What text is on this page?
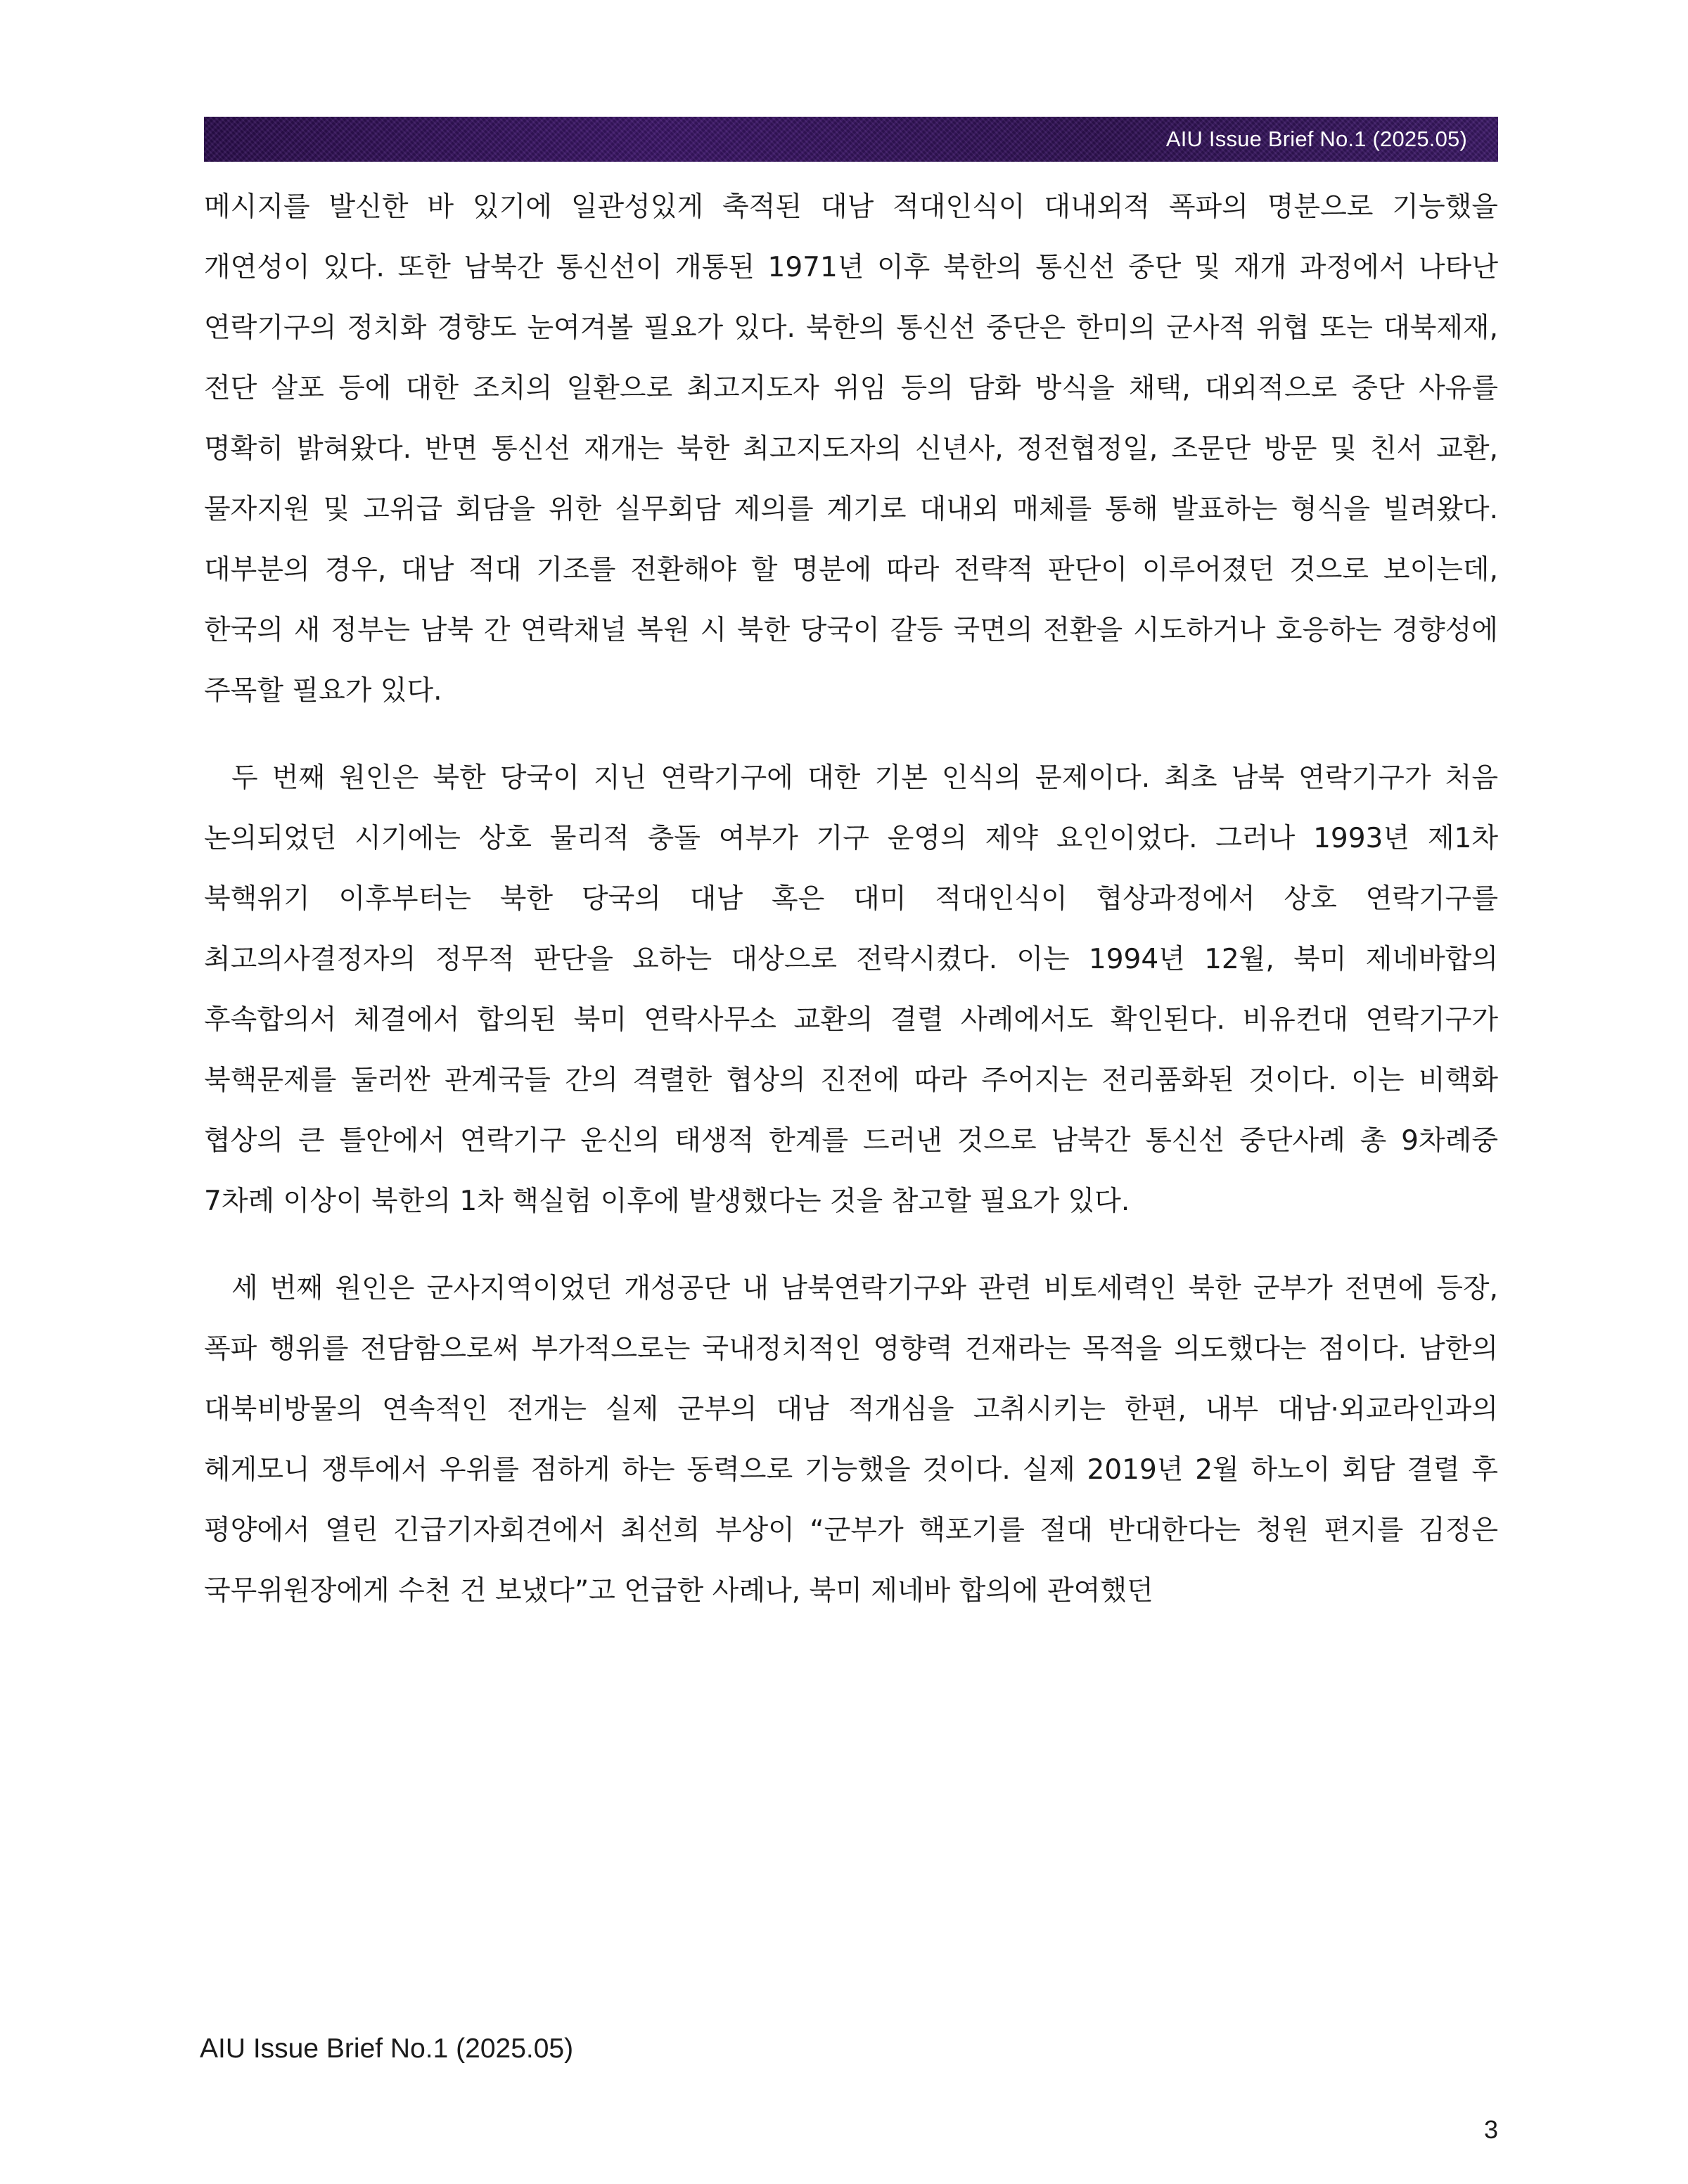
AIU Issue Brief No.1 (2025.05)

메시지를 발신한 바 있기에 일관성있게 축적된 대남 적대인식이 대내외적 폭파의 명분으로 기능했을 개연성이 있다. 또한 남북간 통신선이 개통된 1971년 이후 북한의 통신선 중단 및 재개 과정에서 나타난 연락기구의 정치화 경향도 눈여겨볼 필요가 있다. 북한의 통신선 중단은 한미의 군사적 위협 또는 대북제재, 전단 살포 등에 대한 조치의 일환으로 최고지도자 위임 등의 담화 방식을 채택, 대외적으로 중단 사유를 명확히 밝혀왔다. 반면 통신선 재개는 북한 최고지도자의 신년사, 정전협정일, 조문단 방문 및 친서 교환, 물자지원 및 고위급 회담을 위한 실무회담 제의를 계기로 대내외 매체를 통해 발표하는 형식을 빌려왔다. 대부분의 경우, 대남 적대 기조를 전환해야 할 명분에 따라 전략적 판단이 이루어졌던 것으로 보이는데, 한국의 새 정부는 남북 간 연락채널 복원 시 북한 당국이 갈등 국면의 전환을 시도하거나 호응하는 경향성에 주목할 필요가 있다.

두 번째 원인은 북한 당국이 지닌 연락기구에 대한 기본 인식의 문제이다. 최초 남북 연락기구가 처음 논의되었던 시기에는 상호 물리적 충돌 여부가 기구 운영의 제약 요인이었다. 그러나 1993년 제1차 북핵위기 이후부터는 북한 당국의 대남 혹은 대미 적대인식이 협상과정에서 상호 연락기구를 최고의사결정자의 정무적 판단을 요하는 대상으로 전락시켰다. 이는 1994년 12월, 북미 제네바합의 후속합의서 체결에서 합의된 북미 연락사무소 교환의 결렬 사례에서도 확인된다. 비유컨대 연락기구가 북핵문제를 둘러싼 관계국들 간의 격렬한 협상의 진전에 따라 주어지는 전리품화된 것이다. 이는 비핵화 협상의 큰 틀안에서 연락기구 운신의 태생적 한계를 드러낸 것으로 남북간 통신선 중단사례 총 9차례중 7차례 이상이 북한의 1차 핵실험 이후에 발생했다는 것을 참고할 필요가 있다.

세 번째 원인은 군사지역이었던 개성공단 내 남북연락기구와 관련 비토세력인 북한 군부가 전면에 등장, 폭파 행위를 전담함으로써 부가적으로는 국내정치적인 영향력 건재라는 목적을 의도했다는 점이다. 남한의 대북비방물의 연속적인 전개는 실제 군부의 대남 적개심을 고취시키는 한편, 내부 대남·외교라인과의 헤게모니 쟁투에서 우위를 점하게 하는 동력으로 기능했을 것이다. 실제 2019년 2월 하노이 회담 결렬 후 평양에서 열린 긴급기자회견에서 최선희 부상이 “군부가 핵포기를 절대 반대한다는 청원 편지를 김정은 국무위원장에게 수천 건 보냈다”고 언급한 사례나, 북미 제네바 합의에 관여했던

AIU Issue Brief No.1 (2025.05)
3
